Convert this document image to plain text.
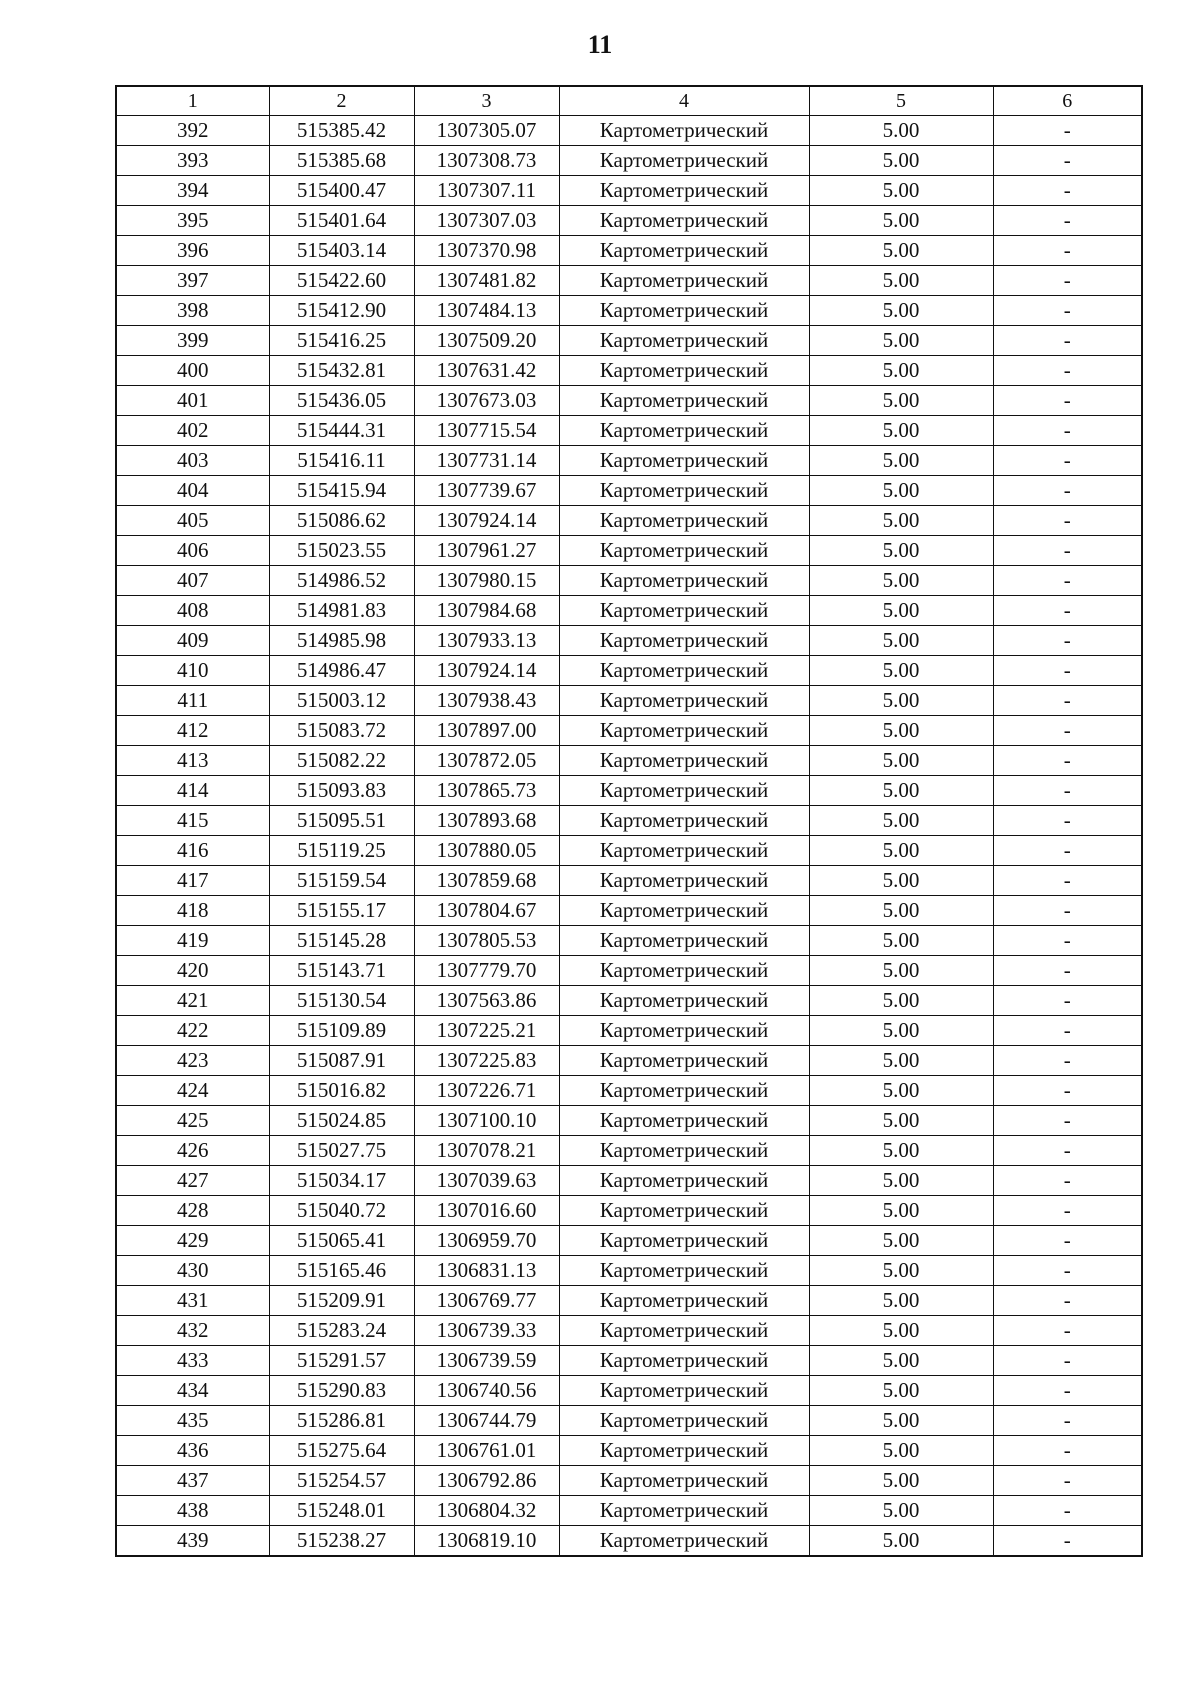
11
1	2	3	4	5	6
392	515385.42	1307305.07	Картометрический	5.00	-
393	515385.68	1307308.73	Картометрический	5.00	-
394	515400.47	1307307.11	Картометрический	5.00	-
395	515401.64	1307307.03	Картометрический	5.00	-
396	515403.14	1307370.98	Картометрический	5.00	-
397	515422.60	1307481.82	Картометрический	5.00	-
398	515412.90	1307484.13	Картометрический	5.00	-
399	515416.25	1307509.20	Картометрический	5.00	-
400	515432.81	1307631.42	Картометрический	5.00	-
401	515436.05	1307673.03	Картометрический	5.00	-
402	515444.31	1307715.54	Картометрический	5.00	-
403	515416.11	1307731.14	Картометрический	5.00	-
404	515415.94	1307739.67	Картометрический	5.00	-
405	515086.62	1307924.14	Картометрический	5.00	-
406	515023.55	1307961.27	Картометрический	5.00	-
407	514986.52	1307980.15	Картометрический	5.00	-
408	514981.83	1307984.68	Картометрический	5.00	-
409	514985.98	1307933.13	Картометрический	5.00	-
410	514986.47	1307924.14	Картометрический	5.00	-
411	515003.12	1307938.43	Картометрический	5.00	-
412	515083.72	1307897.00	Картометрический	5.00	-
413	515082.22	1307872.05	Картометрический	5.00	-
414	515093.83	1307865.73	Картометрический	5.00	-
415	515095.51	1307893.68	Картометрический	5.00	-
416	515119.25	1307880.05	Картометрический	5.00	-
417	515159.54	1307859.68	Картометрический	5.00	-
418	515155.17	1307804.67	Картометрический	5.00	-
419	515145.28	1307805.53	Картометрический	5.00	-
420	515143.71	1307779.70	Картометрический	5.00	-
421	515130.54	1307563.86	Картометрический	5.00	-
422	515109.89	1307225.21	Картометрический	5.00	-
423	515087.91	1307225.83	Картометрический	5.00	-
424	515016.82	1307226.71	Картометрический	5.00	-
425	515024.85	1307100.10	Картометрический	5.00	-
426	515027.75	1307078.21	Картометрический	5.00	-
427	515034.17	1307039.63	Картометрический	5.00	-
428	515040.72	1307016.60	Картометрический	5.00	-
429	515065.41	1306959.70	Картометрический	5.00	-
430	515165.46	1306831.13	Картометрический	5.00	-
431	515209.91	1306769.77	Картометрический	5.00	-
432	515283.24	1306739.33	Картометрический	5.00	-
433	515291.57	1306739.59	Картометрический	5.00	-
434	515290.83	1306740.56	Картометрический	5.00	-
435	515286.81	1306744.79	Картометрический	5.00	-
436	515275.64	1306761.01	Картометрический	5.00	-
437	515254.57	1306792.86	Картометрический	5.00	-
438	515248.01	1306804.32	Картометрический	5.00	-
439	515238.27	1306819.10	Картометрический	5.00	-
